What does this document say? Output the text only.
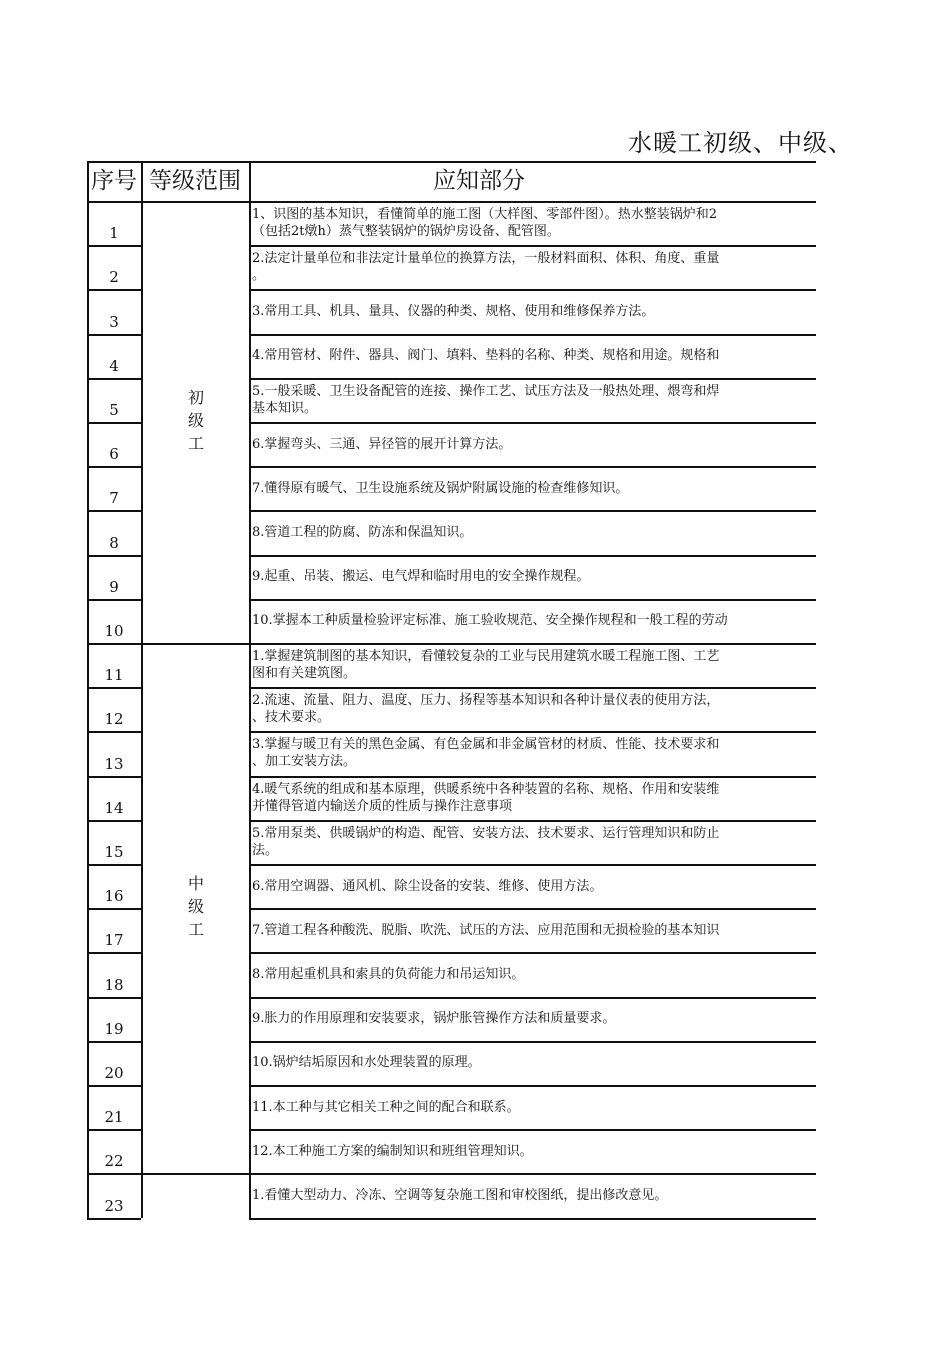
水暖工初级、中级、
序号 等级范围	应知部分
1
1、识图的基本知识，看懂简单的施工图（大样图、零部件图）。热水整装锅炉和2
（包括2t燉h）蒸气整装锅炉的锅炉房设备、配管图。
2
2.法定计量单位和非法定计量单位的换算方法，一般材料面积、体积、角度、重量
。
3
3.常用工具、机具、量具、仪器的种类、规格、使用和维修保养方法。
4
4.常用管材、附件、器具、阀门、填料、垫料的名称、种类、规格和用途。规格和
5
5.一般采暖、卫生设备配管的连接、操作工艺、试压方法及一般热处理、煨弯和焊
基本知识。
6
6.掌握弯头、三通、异径管的展开计算方法。
7
7.懂得原有暖气、卫生设施系统及锅炉附属设施的检查维修知识。
8
8.管道工程的防腐、防冻和保温知识。
9
9.起重、吊装、搬运、电气焊和临时用电的安全操作规程。
10
10.掌握本工种质量检验评定标准、施工验收规范、安全操作规程和一般工程的劳动
11
1.掌握建筑制图的基本知识，看懂较复杂的工业与民用建筑水暖工程施工图、工艺
图和有关建筑图。
12
2.流速、流量、阻力、温度、压力、扬程等基本知识和各种计量仪表的使用方法，
、技术要求。
13
3.掌握与暖卫有关的黑色金属、有色金属和非金属管材的材质、性能、技术要求和
、加工安装方法。
14
4.暖气系统的组成和基本原理，供暖系统中各种装置的名称、规格、作用和安装维
并懂得管道内输送介质的性质与操作注意事项
15
5.常用泵类、供暖锅炉的构造、配管、安装方法、技术要求、运行管理知识和防止
法。
16
6.常用空调器、通风机、除尘设备的安装、维修、使用方法。
17
7.管道工程各种酸洗、脱脂、吹洗、试压的方法、应用范围和无损检验的基本知识
18
8.常用起重机具和索具的负荷能力和吊运知识。
19
9.胀力的作用原理和安装要求，锅炉胀管操作方法和质量要求。
20
10.锅炉结垢原因和水处理装置的原理。
21
11.本工种与其它相关工种之间的配合和联系。
22
12.本工种施工方案的编制知识和班组管理知识。
23
1.看懂大型动力、冷冻、空调等复杂施工图和审校图纸，提出修改意见。
初
级
工
中
级
工
